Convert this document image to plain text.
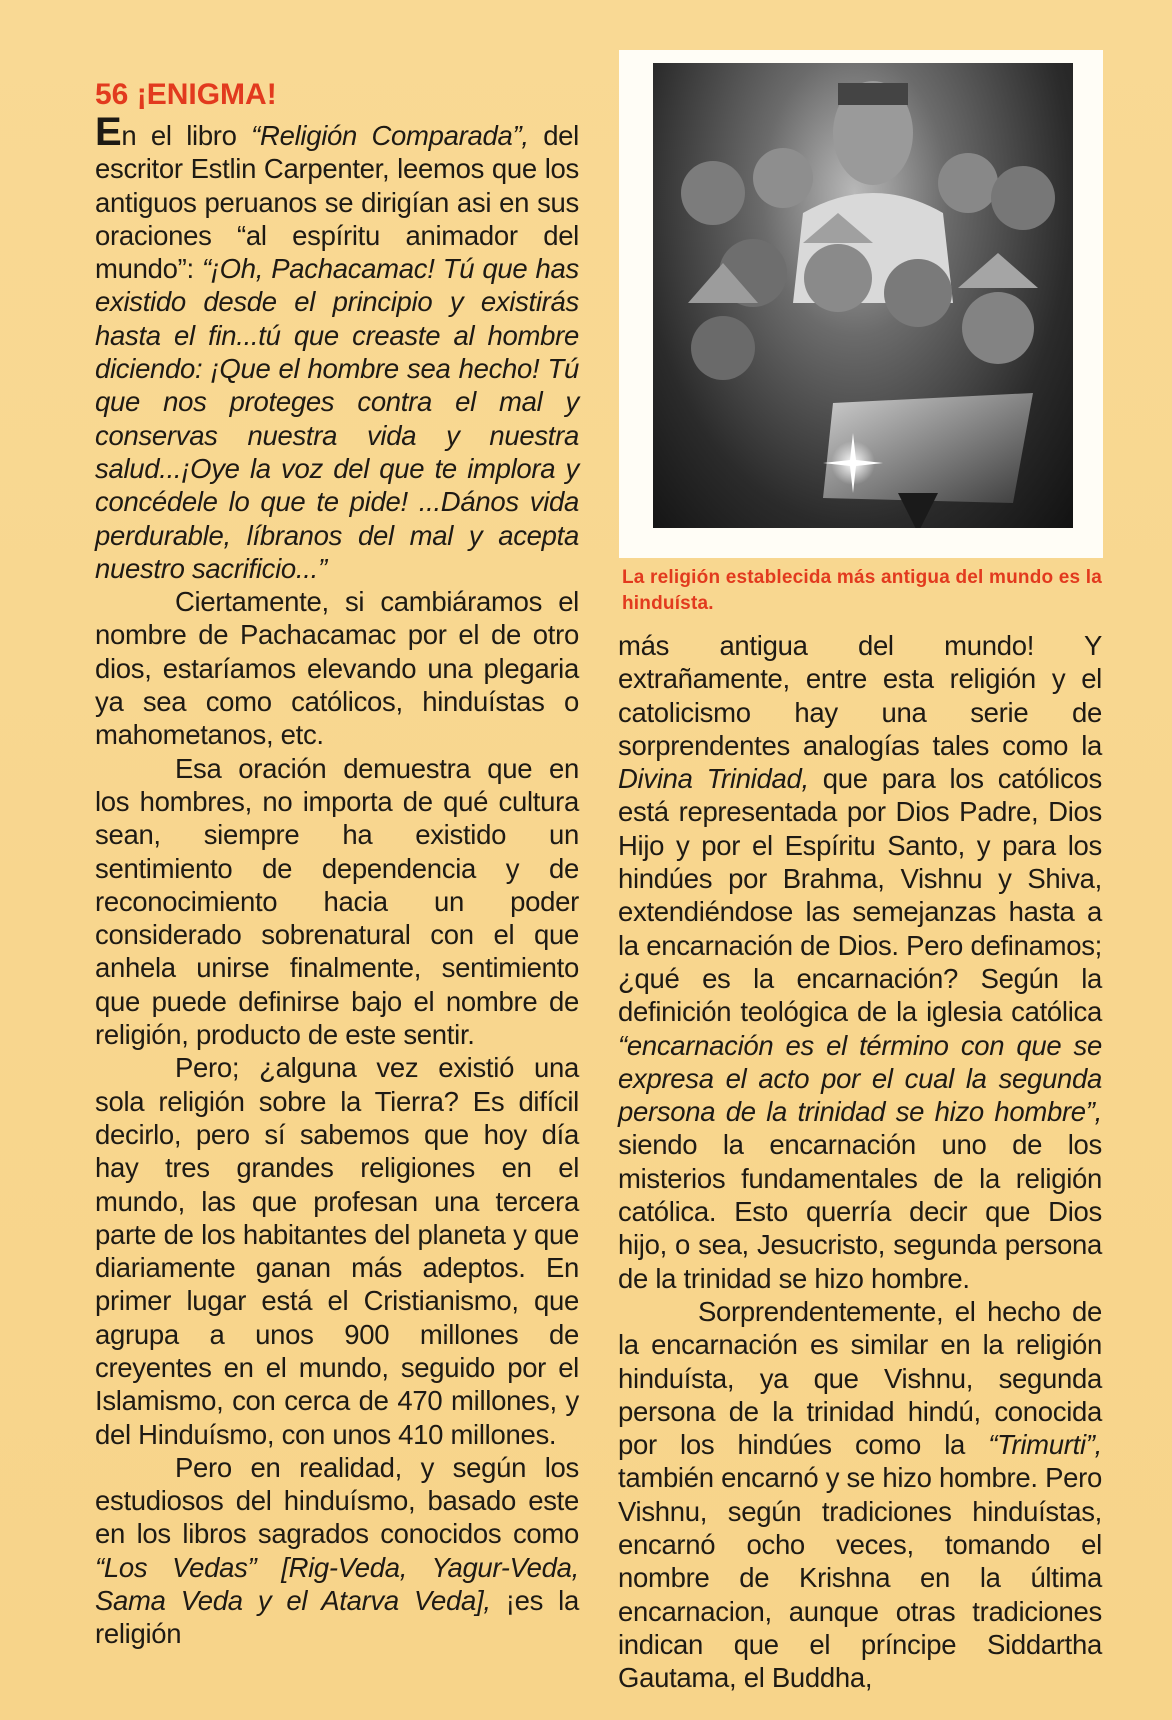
56 ¡ENIGMA!

En el libro “Religión Comparada”, del escritor Estlin Carpenter, leemos que los antiguos peruanos se dirigían asi en sus oraciones “al espíritu animador del mundo”: “¡Oh, Pachacamac! Tú que has existido desde el principio y existirás hasta el fin...tú que creaste al hombre diciendo: ¡Que el hombre sea hecho! Tú que nos proteges contra el mal y conservas nuestra vida y nuestra salud...¡Oye la voz del que te implora y concédele lo que te pide! ...Dános vida perdurable, líbranos del mal y acepta nuestro sacrificio...”

Ciertamente, si cambiáramos el nombre de Pachacamac por el de otro dios, estaríamos elevando una plegaria ya sea como católicos, hinduístas o mahometanos, etc.

Esa oración demuestra que en los hombres, no importa de qué cultura sean, siempre ha existido un sentimiento de dependencia y de reconocimiento hacia un poder considerado sobrenatural con el que anhela unirse finalmente, sentimiento que puede definirse bajo el nombre de religión, producto de este sentir.

Pero; ¿alguna vez existió una sola religión sobre la Tierra? Es difícil decirlo, pero sí sabemos que hoy día hay tres grandes religiones en el mundo, las que profesan una tercera parte de los habitantes del planeta y que diariamente ganan más adeptos. En primer lugar está el Cristianismo, que agrupa a unos 900 millones de creyentes en el mundo, seguido por el Islamismo, con cerca de 470 millones, y del Hinduísmo, con unos 410 millones.

Pero en realidad, y según los estudiosos del hinduísmo, basado este en los libros sagrados conocidos como “Los Vedas” [Rig-Veda, Yagur-Veda, Sama Veda y el Atarva Veda], ¡es la religión

La religión establecida más antigua del mundo es la hinduísta.

más antigua del mundo! Y extrañamente, entre esta religión y el catolicismo hay una serie de sorprendentes analogías tales como la Divina Trinidad, que para los católicos está representada por Dios Padre, Dios Hijo y por el Espíritu Santo, y para los hindúes por Brahma, Vishnu y Shiva, extendiéndose las semejanzas hasta a la encarnación de Dios. Pero definamos; ¿qué es la encarnación? Según la definición teológica de la iglesia católica “encarnación es el término con que se expresa el acto por el cual la segunda persona de la trinidad se hizo hombre”, siendo la encarnación uno de los misterios fundamentales de la religión católica. Esto querría decir que Dios hijo, o sea, Jesucristo, segunda persona de la trinidad se hizo hombre.

Sorprendentemente, el hecho de la encarnación es similar en la religión hinduísta, ya que Vishnu, segunda persona de la trinidad hindú, conocida por los hindúes como la “Trimurti”, también encarnó y se hizo hombre. Pero Vishnu, según tradiciones hinduístas, encarnó ocho veces, tomando el nombre de Krishna en la última encarnacion, aunque otras tradiciones indican que el príncipe Siddartha Gautama, el Buddha,
